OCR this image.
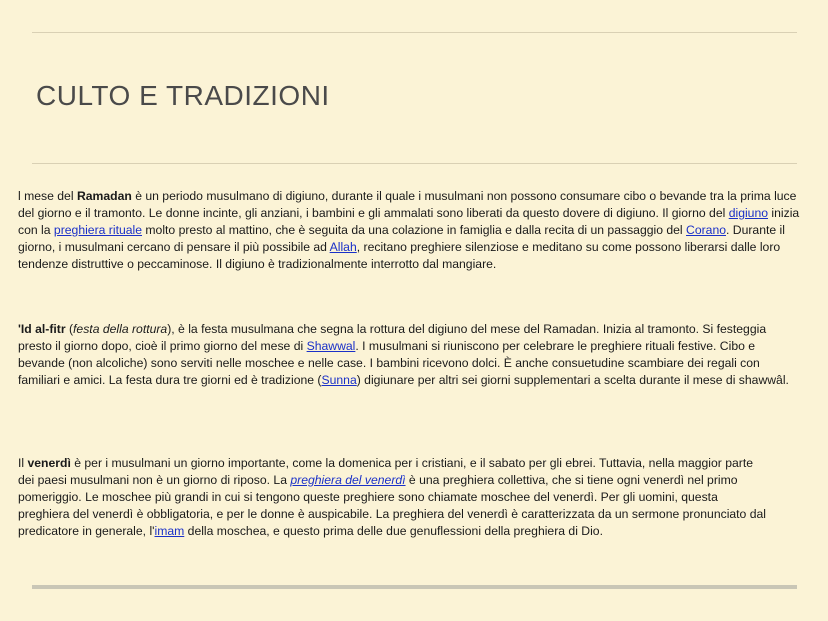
CULTO E TRADIZIONI

l mese del Ramadan è un periodo musulmano di digiuno, durante il quale i musulmani non possono consumare cibo o bevande tra la prima luce del giorno e il tramonto. Le donne incinte, gli anziani, i bambini e gli ammalati sono liberati da questo dovere di digiuno. Il giorno del digiuno inizia con la preghiera rituale molto presto al mattino, che è seguita da una colazione in famiglia e dalla recita di un passaggio del Corano. Durante il giorno, i musulmani cercano di pensare il più possibile ad Allah, recitano preghiere silenziose e meditano su come possono liberarsi dalle loro tendenze distruttive o peccaminose. Il digiuno è tradizionalmente interrotto dal mangiare.

'Id al-fitr (festa della rottura), è la festa musulmana che segna la rottura del digiuno del mese del Ramadan. Inizia al tramonto. Si festeggia presto il giorno dopo, cioè il primo giorno del mese di Shawwal. I musulmani si riuniscono per celebrare le preghiere rituali festive. Cibo e bevande (non alcoliche) sono serviti nelle moschee e nelle case. I bambini ricevono dolci. È anche consuetudine scambiare dei regali con familiari e amici. La festa dura tre giorni ed è tradizione (Sunna) digiunare per altri sei giorni supplementari a scelta durante il mese di shawwâl.

Il venerdì è per i musulmani un giorno importante, come la domenica per i cristiani, e il sabato per gli ebrei. Tuttavia, nella maggior parte dei paesi musulmani non è un giorno di riposo. La preghiera del venerdì è una preghiera collettiva, che si tiene ogni venerdì nel primo pomeriggio. Le moschee più grandi in cui si tengono queste preghiere sono chiamate moschee del venerdì. Per gli uomini, questa preghiera del venerdì è obbligatoria, e per le donne è auspicabile. La preghiera del venerdì è caratterizzata da un sermone pronunciato dal predicatore in generale, l'imam della moschea, e questo prima delle due genuflessioni della preghiera di Dio.
